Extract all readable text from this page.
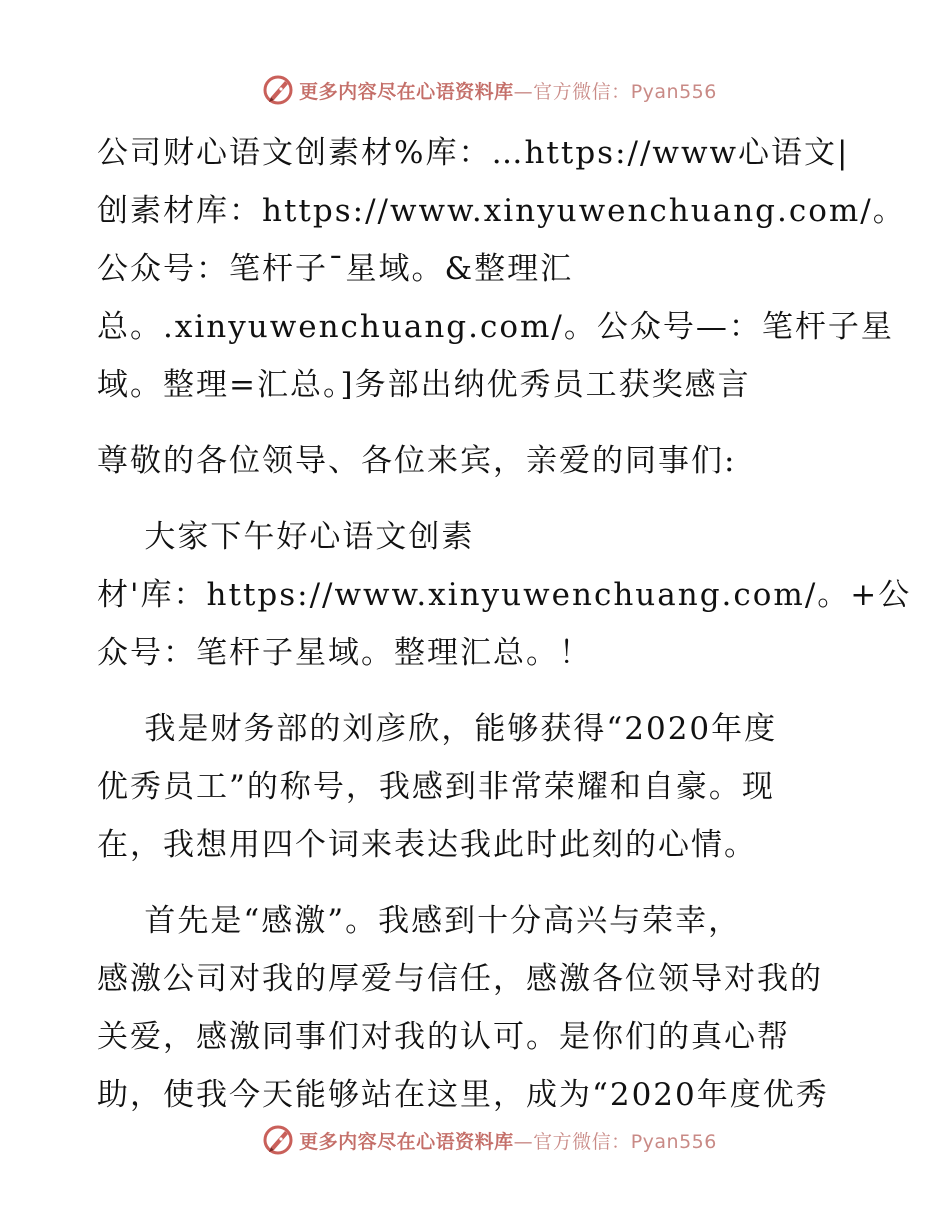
更多内容尽在心语资料库—官方微信：Pyan556
公司财心语文创素材%库：…https://www心语文|
创素材库：https://www.xinyuwenchuang.com/。
公众号：笔杆子¯星域。&整理汇
总。.xinyuwenchuang.com/。公众号—：笔杆子星
域。整理=汇总。]务部出纳优秀员工获奖感言
尊敬的各位领导、各位来宾，亲爱的同事们:
大家下午好心语文创素
材'库：https://www.xinyuwenchuang.com/。+公
众号：笔杆子星域。整理汇总。！
我是财务部的刘彦欣，能够获得“2020年度
优秀员工”的称号，我感到非常荣耀和自豪。现
在，我想用四个词来表达我此时此刻的心情。
首先是“感激”。我感到十分高兴与荣幸，
感激公司对我的厚爱与信任，感激各位领导对我的
关爱，感激同事们对我的认可。是你们的真心帮
助，使我今天能够站在这里，成为“2020年度优秀
更多内容尽在心语资料库—官方微信：Pyan556
